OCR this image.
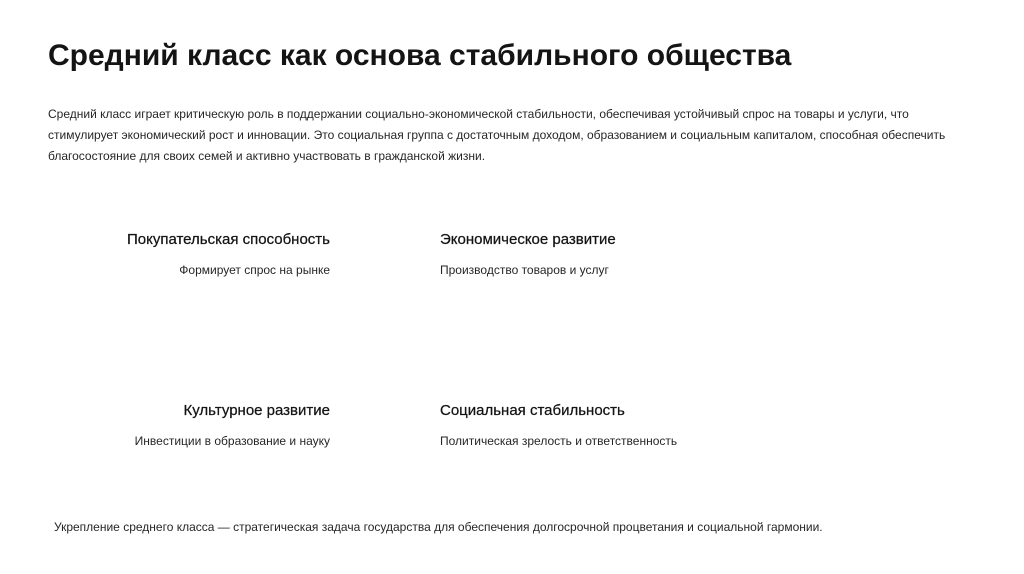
Средний класс как основа стабильного общества

Средний класс играет критическую роль в поддержании социально-экономической стабильности, обеспечивая устойчивый спрос на товары и услуги, что стимулирует экономический рост и инновации. Это социальная группа с достаточным доходом, образованием и социальным капиталом, способная обеспечить благосостояние для своих семей и активно участвовать в гражданской жизни.

Покупательская способность

Формирует спрос на рынке

Экономическое развитие

Производство товаров и услуг

Культурное развитие

Инвестиции в образование и науку

Социальная стабильность

Политическая зрелость и ответственность

Укрепление среднего класса — стратегическая задача государства для обеспечения долгосрочной процветания и социальной гармонии.
